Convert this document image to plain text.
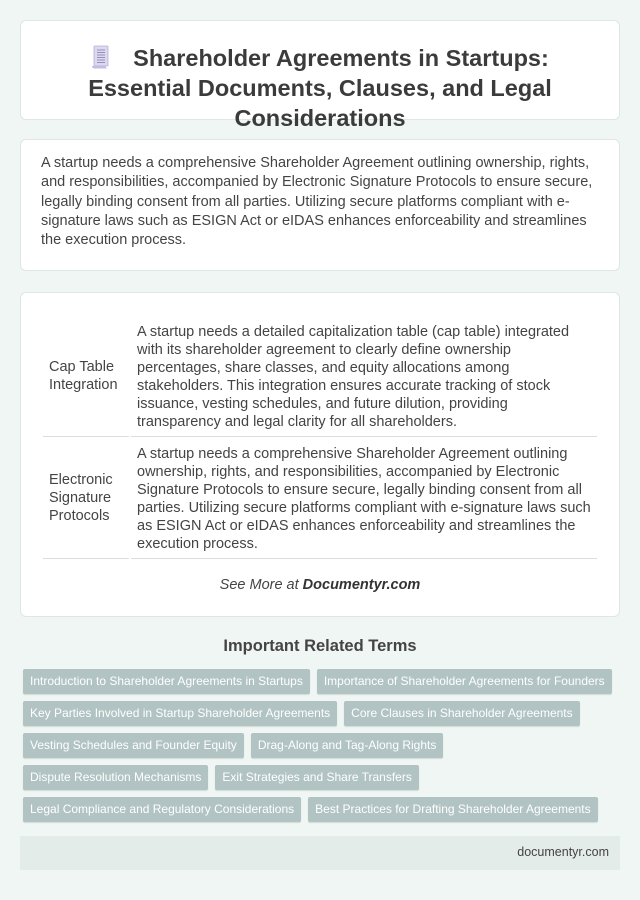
Shareholder Agreements in Startups: Essential Documents, Clauses, and Legal Considerations

A startup needs a comprehensive Shareholder Agreement outlining ownership, rights, and responsibilities, accompanied by Electronic Signature Protocols to ensure secure, legally binding consent from all parties. Utilizing secure platforms compliant with e-signature laws such as ESIGN Act or eIDAS enhances enforceability and streamlines the execution process.

Cap Table Integration	A startup needs a detailed capitalization table (cap table) integrated with its shareholder agreement to clearly define ownership percentages, share classes, and equity allocations among stakeholders. This integration ensures accurate tracking of stock issuance, vesting schedules, and future dilution, providing transparency and legal clarity for all shareholders.
Electronic Signature Protocols	A startup needs a comprehensive Shareholder Agreement outlining ownership, rights, and responsibilities, accompanied by Electronic Signature Protocols to ensure secure, legally binding consent from all parties. Utilizing secure platforms compliant with e-signature laws such as ESIGN Act or eIDAS enhances enforceability and streamlines the execution process.
See More at Documentyr.com
Important Related Terms
Introduction to Shareholder Agreements in Startups	Importance of Shareholder Agreements for Founders
Key Parties Involved in Startup Shareholder Agreements	Core Clauses in Shareholder Agreements
Vesting Schedules and Founder Equity	Drag-Along and Tag-Along Rights
Dispute Resolution Mechanisms	Exit Strategies and Share Transfers
Legal Compliance and Regulatory Considerations	Best Practices for Drafting Shareholder Agreements
documentyr.com
